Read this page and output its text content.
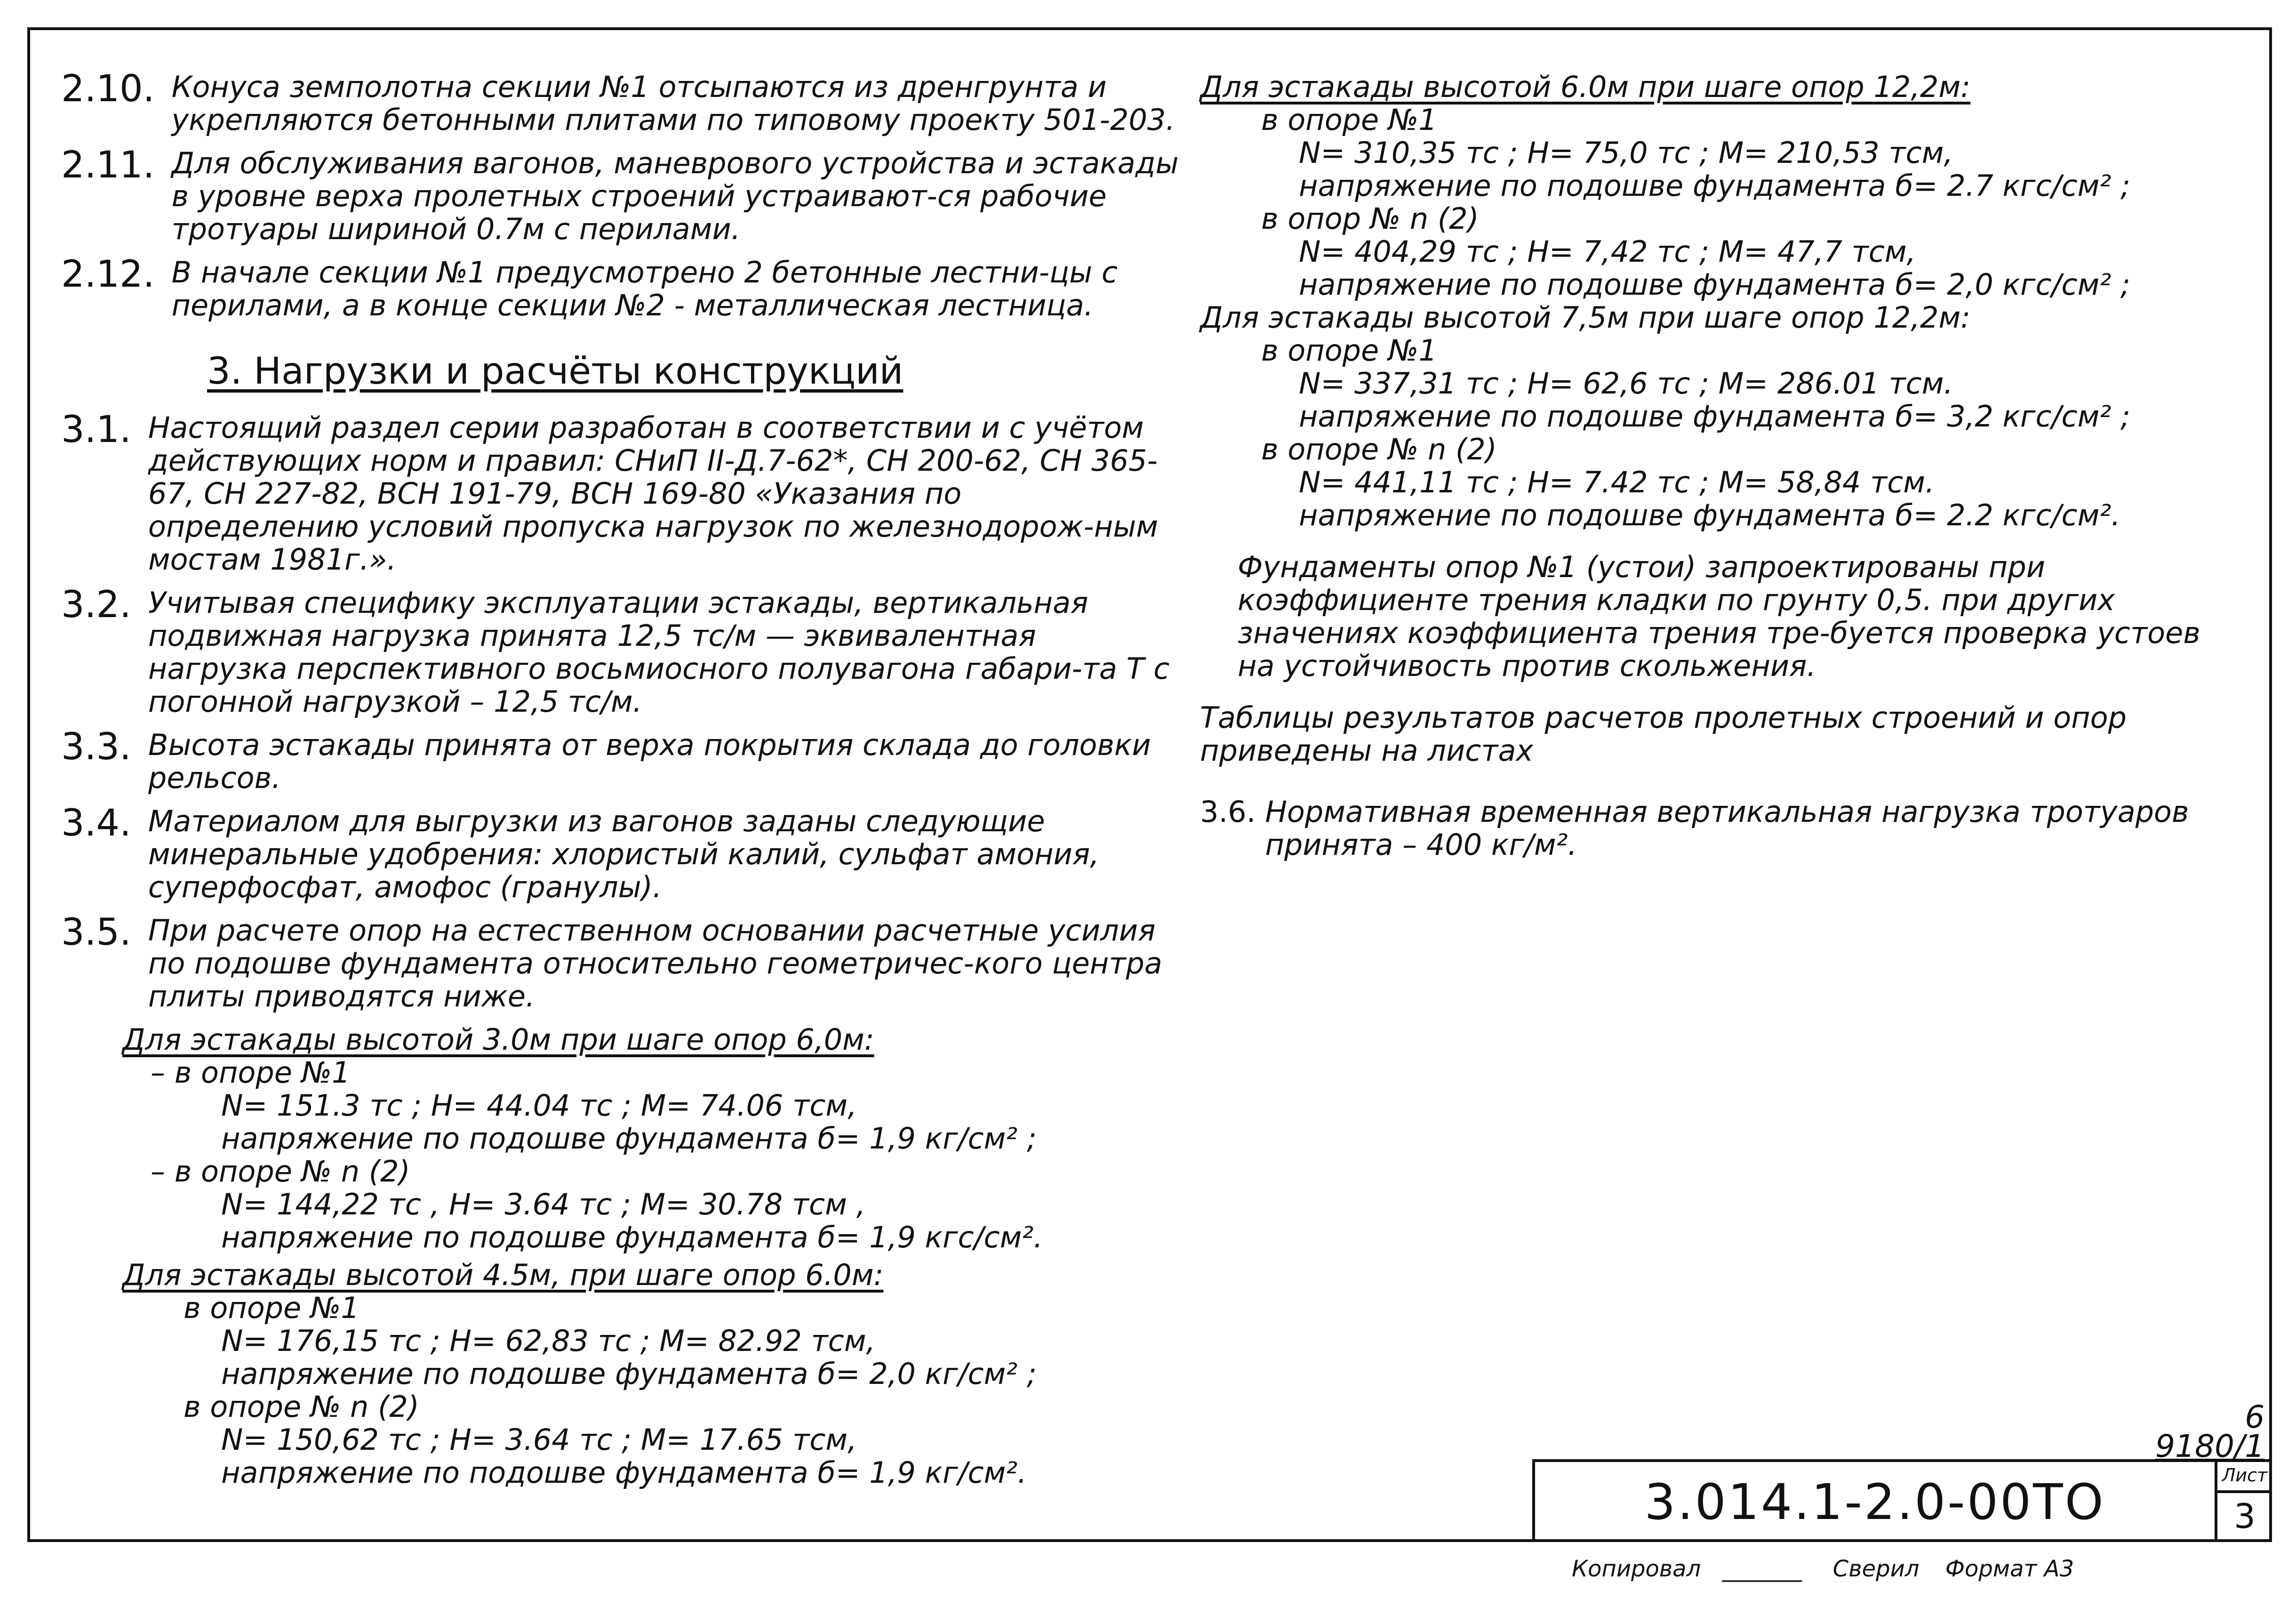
2.10. Конуса земполотна секции №1 отсыпаются из дренгрунта и укрепляются бетонными плитами по типовому проекту 501-203.
2.11. Для обслуживания вагонов, маневрового устройства и эстакады в уровне верха пролетных строений устраивают-ся рабочие тротуары шириной 0.7м с перилами.
2.12. В начале секции №1 предусмотрено 2 бетонные лестни-цы с перилами, а в конце секции №2 - металлическая лестница.
3. Нагрузки и расчёты конструкций
3.1. Настоящий раздел серии разработан в соответствии и с учётом действующих норм и правил: СНиП II-Д.7-62*, СН 200-62, СН 365-67, СН 227-82, ВСН 191-79, ВСН 169-80 «Указания по определению условий пропуска нагрузок по железнодорож-ным мостам 1981г.».
3.2. Учитывая специфику эксплуатации эстакады, вертикальная подвижная нагрузка принята 12,5 тс/м — эквивалентная нагрузка перспективного восьмиосного полувагона габари-та Т с погонной нагрузкой – 12,5 тс/м.
3.3. Высота эстакады принята от верха покрытия склада до головки рельсов.
3.4. Материалом для выгрузки из вагонов заданы следующие минеральные удобрения: хлористый калий, сульфат амония, суперфосфат, амофос (гранулы).
3.5. При расчете опор на естественном основании расчетные усилия по подошве фундамента относительно геометричес-кого центра плиты приводятся ниже.
Для эстакады высотой 3.0м при шаге опор 6,0м:
– в опоре №1
N= 151.3 тс ; H= 44.04 тс ; M= 74.06 тсм,
напряжение по подошве фундамента б= 1,9 кг/см² ;
– в опоре № n (2)
N= 144,22 тс , H= 3.64 тс ; M= 30.78 тсм ,
напряжение по подошве фундамента б= 1,9 кгс/см².
Для эстакады высотой 4.5м, при шаге опор 6.0м:
в опоре №1
N= 176,15 тс ; H= 62,83 тс ; M= 82.92 тсм,
напряжение по подошве фундамента б= 2,0 кг/см² ;
в опоре № n (2)
N= 150,62 тс ; H= 3.64 тс ; M= 17.65 тсм,
напряжение по подошве фундамента б= 1,9 кг/см².
Для эстакады высотой 6.0м при шаге опор 12,2м:
в опоре №1
N= 310,35 тс ; H= 75,0 тс ; M= 210,53 тсм,
напряжение по подошве фундамента б= 2.7 кгс/см² ;
в опор № n (2)
N= 404,29 тс ; H= 7,42 тс ; M= 47,7 тсм,
напряжение по подошве фундамента б= 2,0 кгс/см² ;
Для эстакады высотой 7,5м при шаге опор 12,2м:
в опоре №1
N= 337,31 тс ; H= 62,6 тс ; M= 286.01 тсм.
напряжение по подошве фундамента б= 3,2 кгс/см² ;
в опоре № n (2)
N= 441,11 тс ; H= 7.42 тс ; M= 58,84 тсм.
напряжение по подошве фундамента б= 2.2 кгс/см².
Фундаменты опор №1 (устои) запроектированы при коэффициенте трения кладки по грунту 0,5. при других значениях коэффициента трения тре-буется проверка устоев на устойчивость против скольжения.
Таблицы результатов расчетов пролетных строений и опор приведены на листах
3.6. Нормативная временная вертикальная нагрузка тротуаров принята – 400 кг/м².
6
9180/1
3.014.1-2.0-00ТО	Лист
3
Копировал	Сверил Формат А3
